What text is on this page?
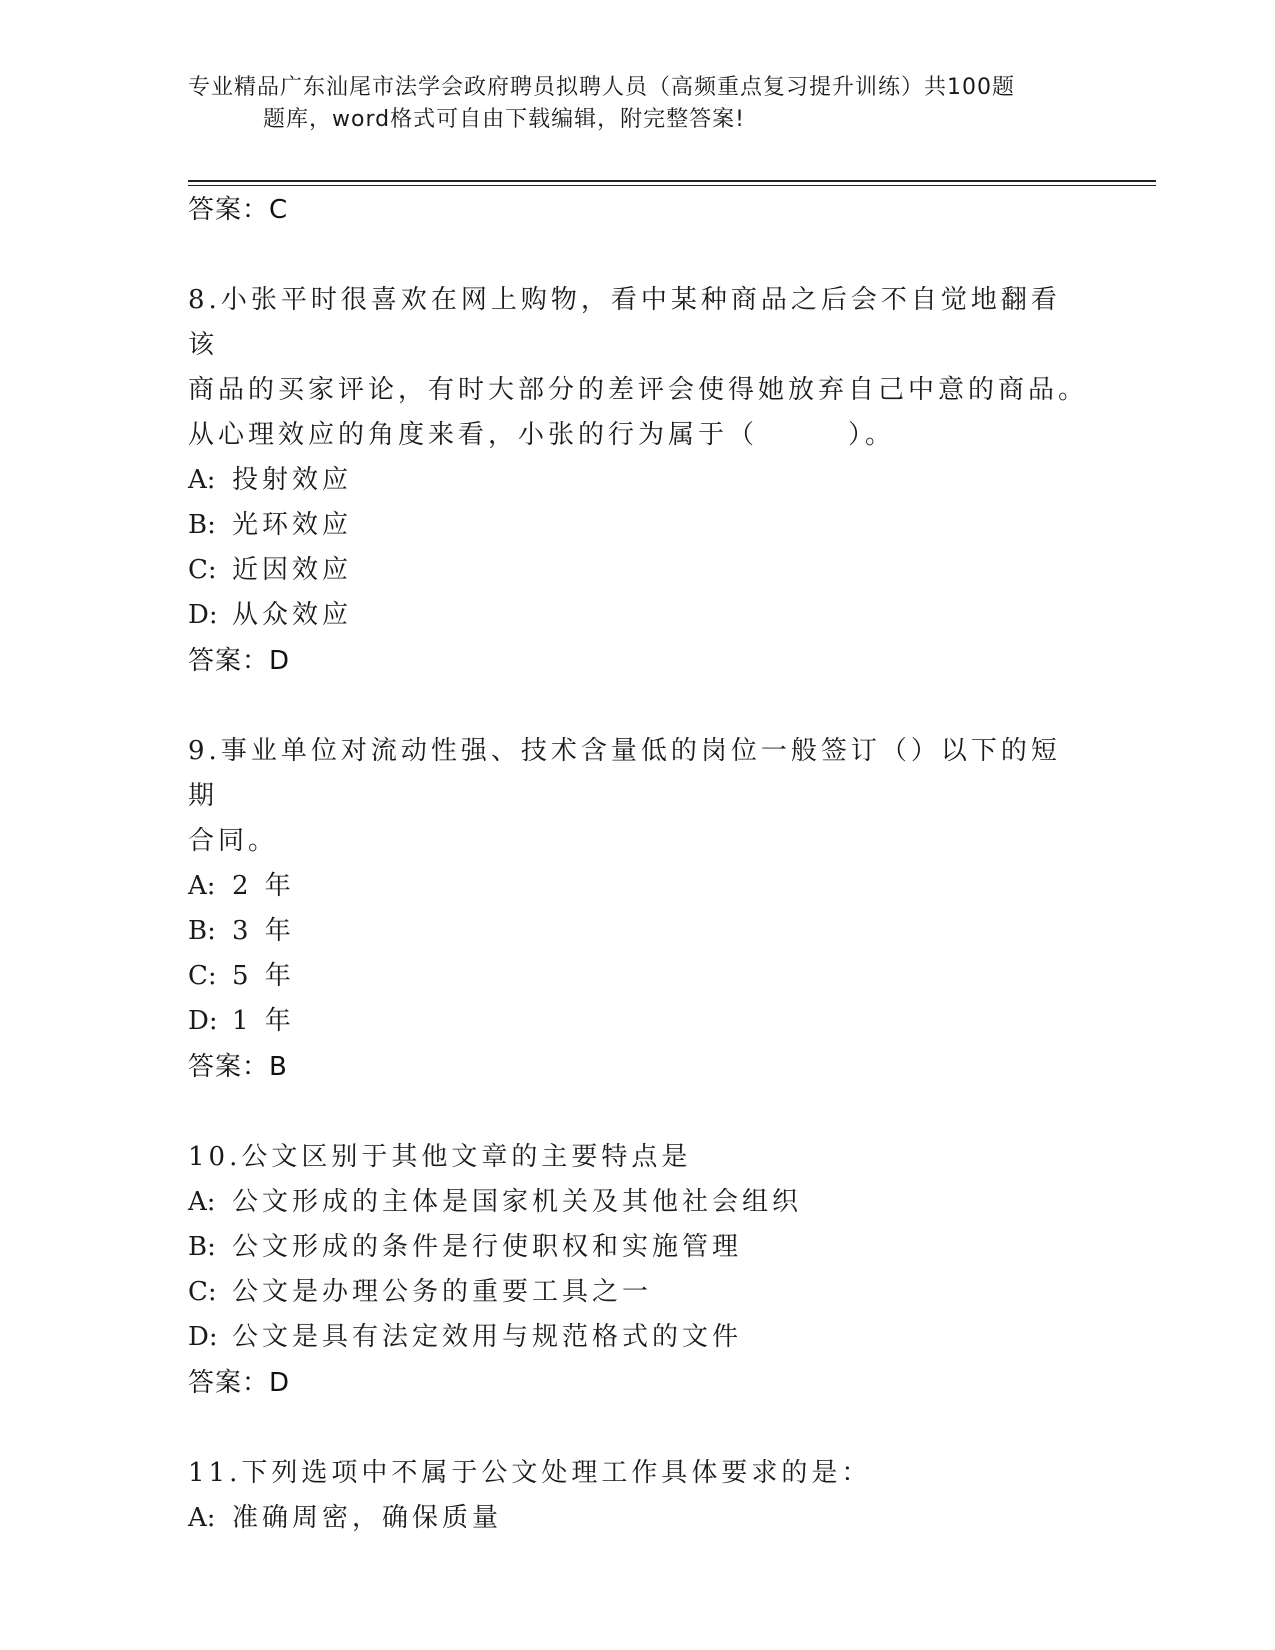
专业精品广东汕尾市法学会政府聘员拟聘人员（高频重点复习提升训练）共100题
题库，word格式可自由下载编辑，附完整答案!
答案：C

8.小张平时很喜欢在网上购物，看中某种商品之后会不自觉地翻看该

商品的买家评论，有时大部分的差评会使得她放弃自己中意的商品。

从心理效应的角度来看，小张的行为属于（　　　）。

A: 投射效应
B: 光环效应
C: 近因效应
D: 从众效应
答案：D

9.事业单位对流动性强、技术含量低的岗位一般签订（）以下的短期

合同。

A: 2 年
B: 3 年
C: 5 年
D: 1 年
答案：B

10.公文区别于其他文章的主要特点是

A: 公文形成的主体是国家机关及其他社会组织
B: 公文形成的条件是行使职权和实施管理
C: 公文是办理公务的重要工具之一
D: 公文是具有法定效用与规范格式的文件
答案：D

11.下列选项中不属于公文处理工作具体要求的是：

A: 准确周密，确保质量
